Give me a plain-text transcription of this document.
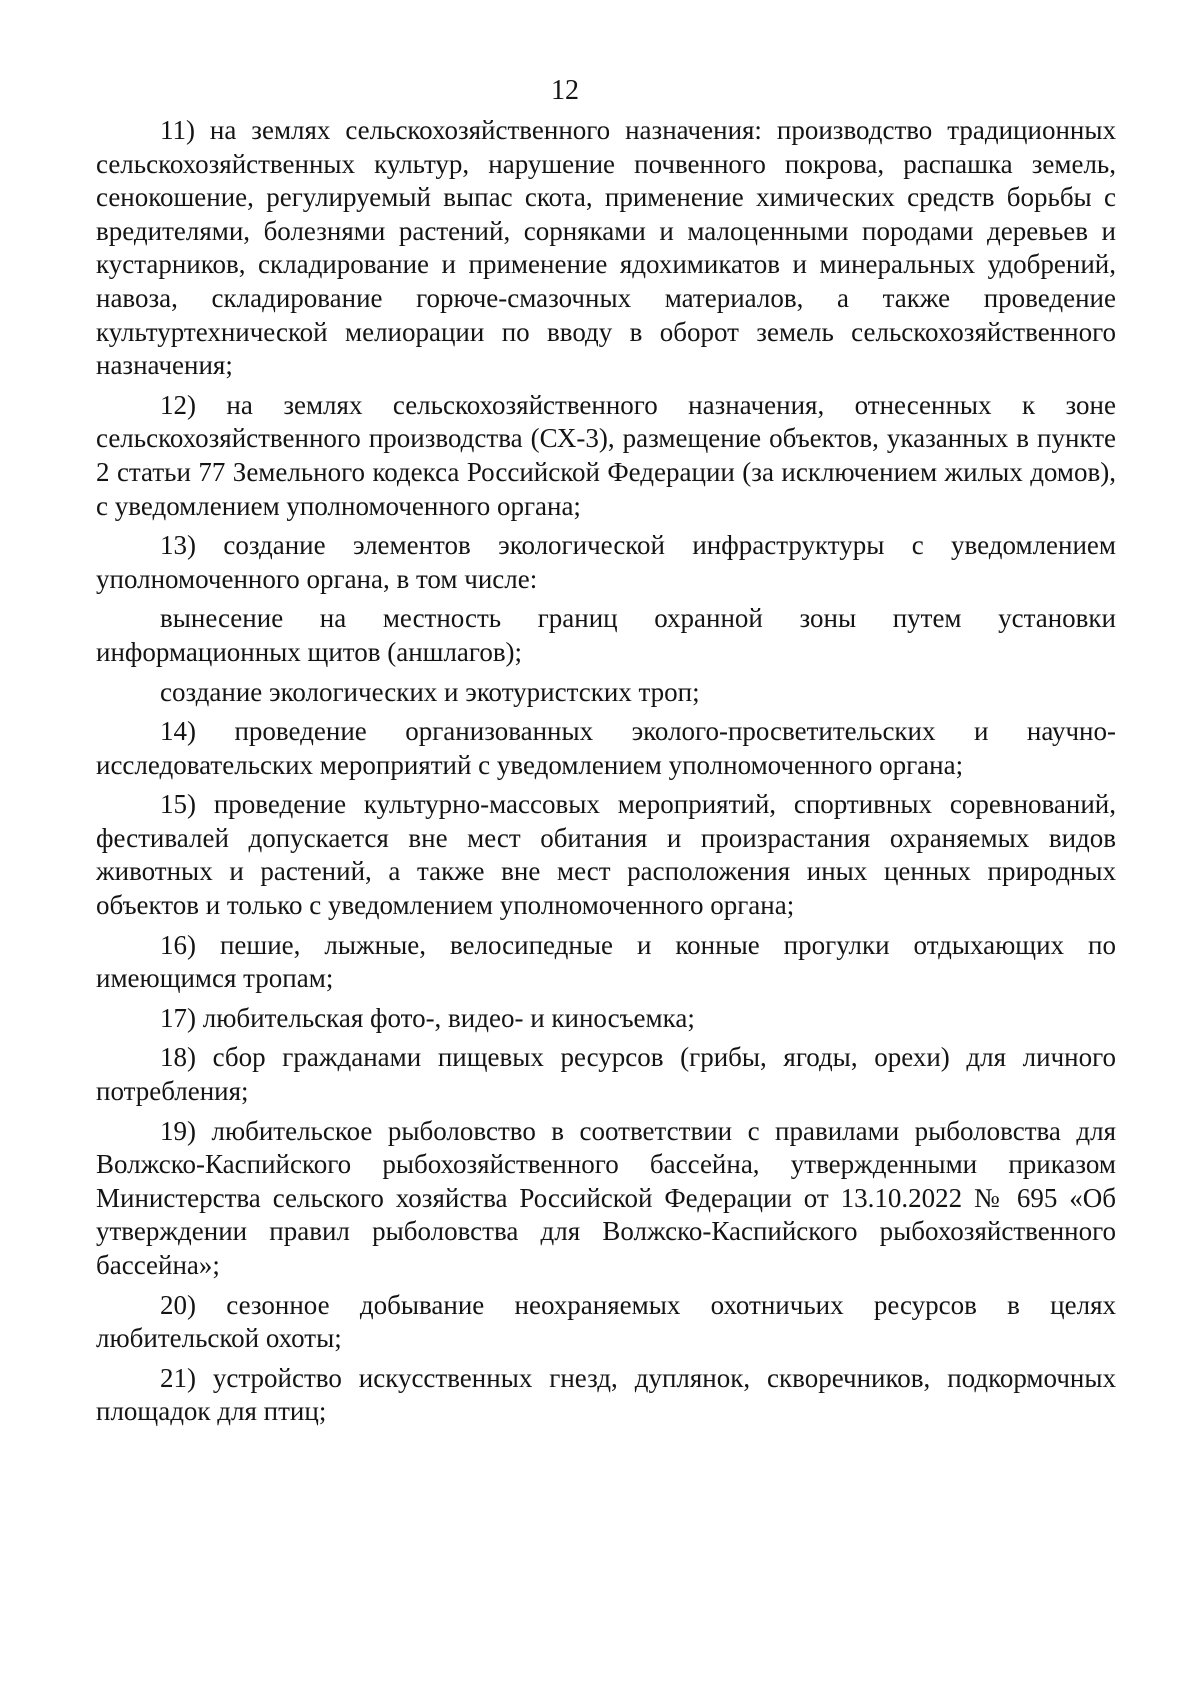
12

11) на землях сельскохозяйственного назначения: производство традиционных сельскохозяйственных культур, нарушение почвенного покрова, распашка земель, сенокошение, регулируемый выпас скота, применение химических средств борьбы с вредителями, болезнями растений, сорняками и малоценными породами деревьев и кустарников, складирование и применение ядохимикатов и минеральных удобрений, навоза, складирование горюче-смазочных материалов, а также проведение культуртехнической мелиорации по вводу в оборот земель сельскохозяйственного назначения;

12) на землях сельскохозяйственного назначения, отнесенных к зоне сельскохозяйственного производства (СХ-3), размещение объектов, указанных в пункте 2 статьи 77 Земельного кодекса Российской Федерации (за исключением жилых домов), с уведомлением уполномоченного органа;

13) создание элементов экологической инфраструктуры с уведомлением уполномоченного органа, в том числе:

вынесение на местность границ охранной зоны путем установки информационных щитов (аншлагов);

создание экологических и экотуристских троп;

14) проведение организованных эколого-просветительских и научно-исследовательских мероприятий с уведомлением уполномоченного органа;

15) проведение культурно-массовых мероприятий, спортивных соревнований, фестивалей допускается вне мест обитания и произрастания охраняемых видов животных и растений, а также вне мест расположения иных ценных природных объектов и только с уведомлением уполномоченного органа;

16) пешие, лыжные, велосипедные и конные прогулки отдыхающих по имеющимся тропам;

17) любительская фото-, видео- и киносъемка;

18) сбор гражданами пищевых ресурсов (грибы, ягоды, орехи) для личного потребления;

19) любительское рыболовство в соответствии с правилами рыболовства для Волжско-Каспийского рыбохозяйственного бассейна, утвержденными приказом Министерства сельского хозяйства Российской Федерации от 13.10.2022 № 695 «Об утверждении правил рыболовства для Волжско-Каспийского рыбохозяйственного бассейна»;

20) сезонное добывание неохраняемых охотничьих ресурсов в целях любительской охоты;

21) устройство искусственных гнезд, дуплянок, скворечников, подкормочных площадок для птиц;
